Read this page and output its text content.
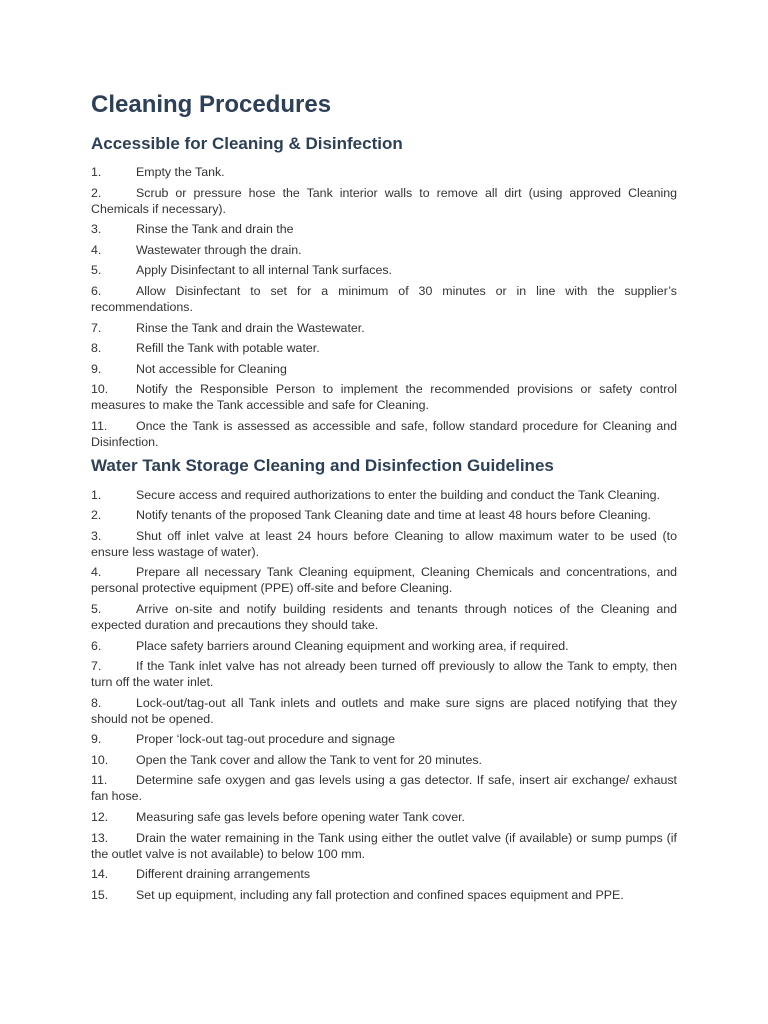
Cleaning Procedures
Accessible for Cleaning & Disinfection
1.	Empty the Tank.
2.	Scrub or pressure hose the Tank interior walls to remove all dirt (using approved Cleaning Chemicals if necessary).
3.	Rinse the Tank and drain the
4.	Wastewater through the drain.
5.	Apply Disinfectant to all internal Tank surfaces.
6.	Allow Disinfectant to set for a minimum of 30 minutes or in line with the supplier’s recommendations.
7.	Rinse the Tank and drain the Wastewater.
8.	Refill the Tank with potable water.
9.	Not accessible for Cleaning
10. Notify the Responsible Person to implement the recommended provisions or safety control measures to make the Tank accessible and safe for Cleaning.
11. Once the Tank is assessed as accessible and safe, follow standard procedure for Cleaning and Disinfection.
Water Tank Storage Cleaning and Disinfection Guidelines
1.	Secure access and required authorizations to enter the building and conduct the Tank Cleaning.
2.	Notify tenants of the proposed Tank Cleaning date and time at least 48 hours before Cleaning.
3.	Shut off inlet valve at least 24 hours before Cleaning to allow maximum water to be used (to ensure less wastage of water).
4.	Prepare all necessary Tank Cleaning equipment, Cleaning Chemicals and concentrations, and personal protective equipment (PPE) off-site and before Cleaning.
5.	Arrive on-site and notify building residents and tenants through notices of the Cleaning and expected duration and precautions they should take.
6.	Place safety barriers around Cleaning equipment and working area, if required.
7.	If the Tank inlet valve has not already been turned off previously to allow the Tank to empty, then turn off the water inlet.
8.	Lock-out/tag-out all Tank inlets and outlets and make sure signs are placed notifying that they should not be opened.
9.	Proper ‘lock-out tag-out procedure and signage
10. Open the Tank cover and allow the Tank to vent for 20 minutes.
11. Determine safe oxygen and gas levels using a gas detector. If safe, insert air exchange/ exhaust fan hose.
12. Measuring safe gas levels before opening water Tank cover.
13. Drain the water remaining in the Tank using either the outlet valve (if available) or sump pumps (if the outlet valve is not available) to below 100 mm.
14. Different draining arrangements
15. Set up equipment, including any fall protection and confined spaces equipment and PPE.
